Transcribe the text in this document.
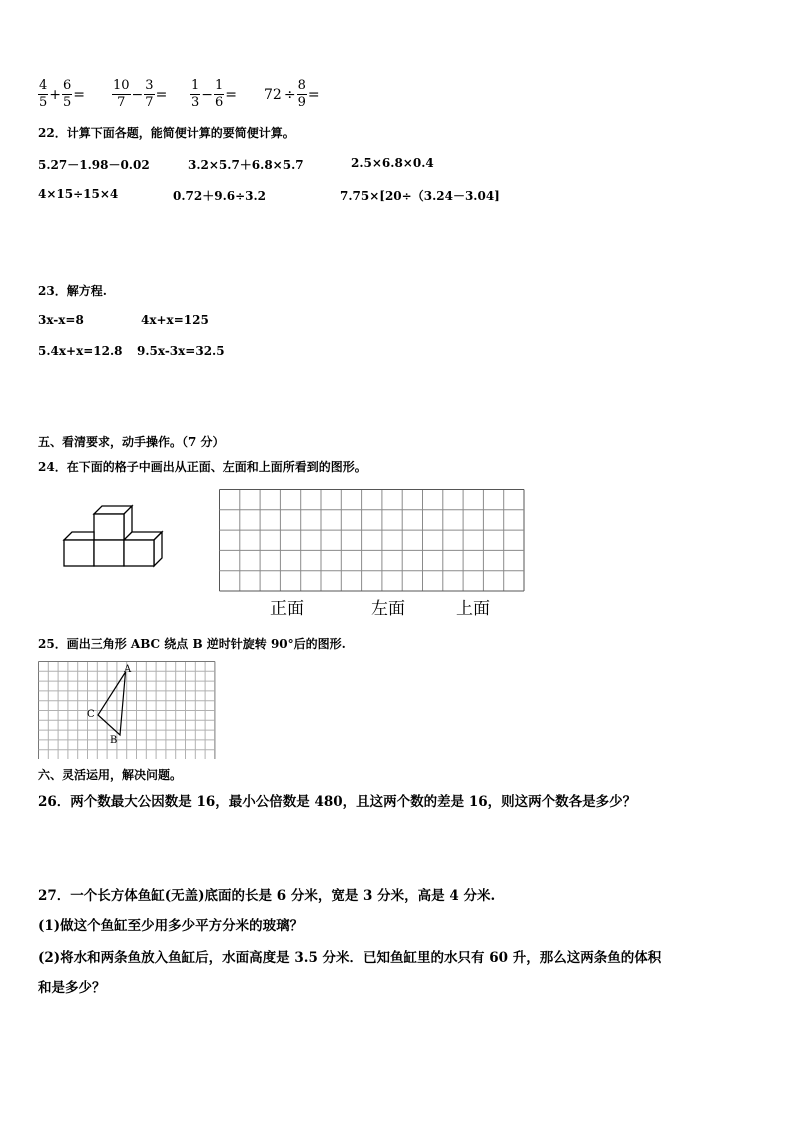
$\frac{4}{5} + \frac{6}{5} = \frac{10}{7} - \frac{3}{7} = \frac{1}{3} - \frac{1}{6} = 72 \div \frac{8}{9}$ =
22．计算下面各题，能简便计算的要简便计算。
5.27－1.98－0.02	3.2×5.7＋6.8×5.7	2.5×6.8×0.4
4×15÷15×4	0.72＋9.6÷3.2	7.75×[20÷（3.24－3.04]
23．解方程.
3x-x=8	4x+x=125
5.4x+x=12.8 9.5x-3x=32.5
五、看清要求，动手操作。（7 分）
24．在下面的格子中画出从正面、左面和上面所看到的图形。
正面	左面	上面
25．画出三角形 ABC 绕点 B 逆时针旋转 90°后的图形.
A
C
B
六、灵活运用，解决问题。
26．两个数最大公因数是 16，最小公倍数是 480，且这两个数的差是 16，则这两个数各是多少？
27．一个长方体鱼缸(无盖)底面的长是 6 分米，宽是 3 分米，高是 4 分米.
(1)做这个鱼缸至少用多少平方分米的玻璃？
(2)将水和两条鱼放入鱼缸后，水面高度是 3.5 分米．已知鱼缸里的水只有 60 升，那么这两条鱼的体积
和是多少？
